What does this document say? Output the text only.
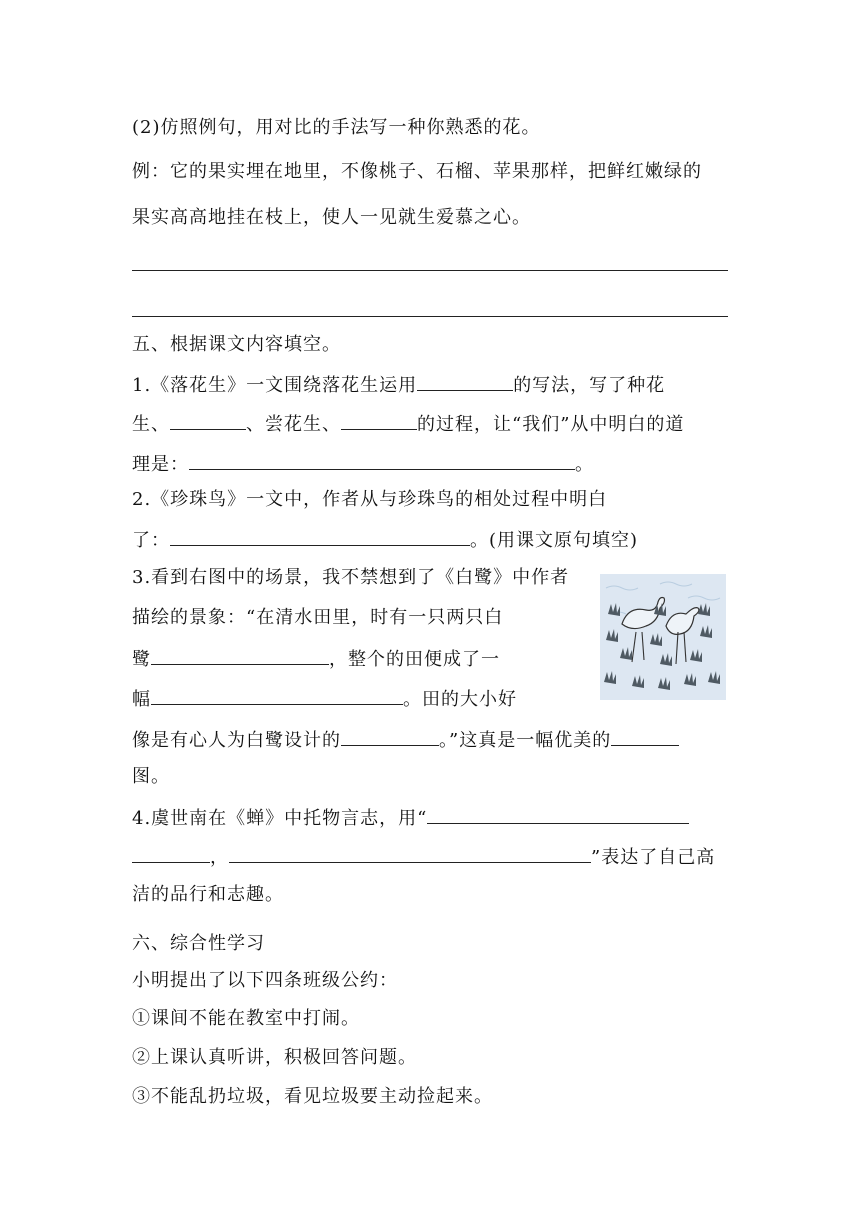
(2)仿照例句，用对比的手法写一种你熟悉的花。
例：它的果实埋在地里，不像桃子、石榴、苹果那样，把鲜红嫩绿的
果实高高地挂在枝上，使人一见就生爱慕之心。
五、根据课文内容填空。
1.《落花生》一文围绕落花生运用	的写法，写了种花
生、	、尝花生、	的过程，让“我们”从中明白的道
理是：	。
2.《珍珠鸟》一文中，作者从与珍珠鸟的相处过程中明白
了：	。(用课文原句填空)
3.看到右图中的场景，我不禁想到了《白鹭》中作者
描绘的景象：“在清水田里，时有一只两只白
鹭	，整个的田便成了一
幅	。田的大小好
像是有心人为白鹭设计的	。”这真是一幅优美的
图。
4.虞世南在《蝉》中托物言志，用“
，	”表达了自己高
洁的品行和志趣。
六、综合性学习
小明提出了以下四条班级公约：
①课间不能在教室中打闹。
②上课认真听讲，积极回答问题。
③不能乱扔垃圾，看见垃圾要主动捡起来。
